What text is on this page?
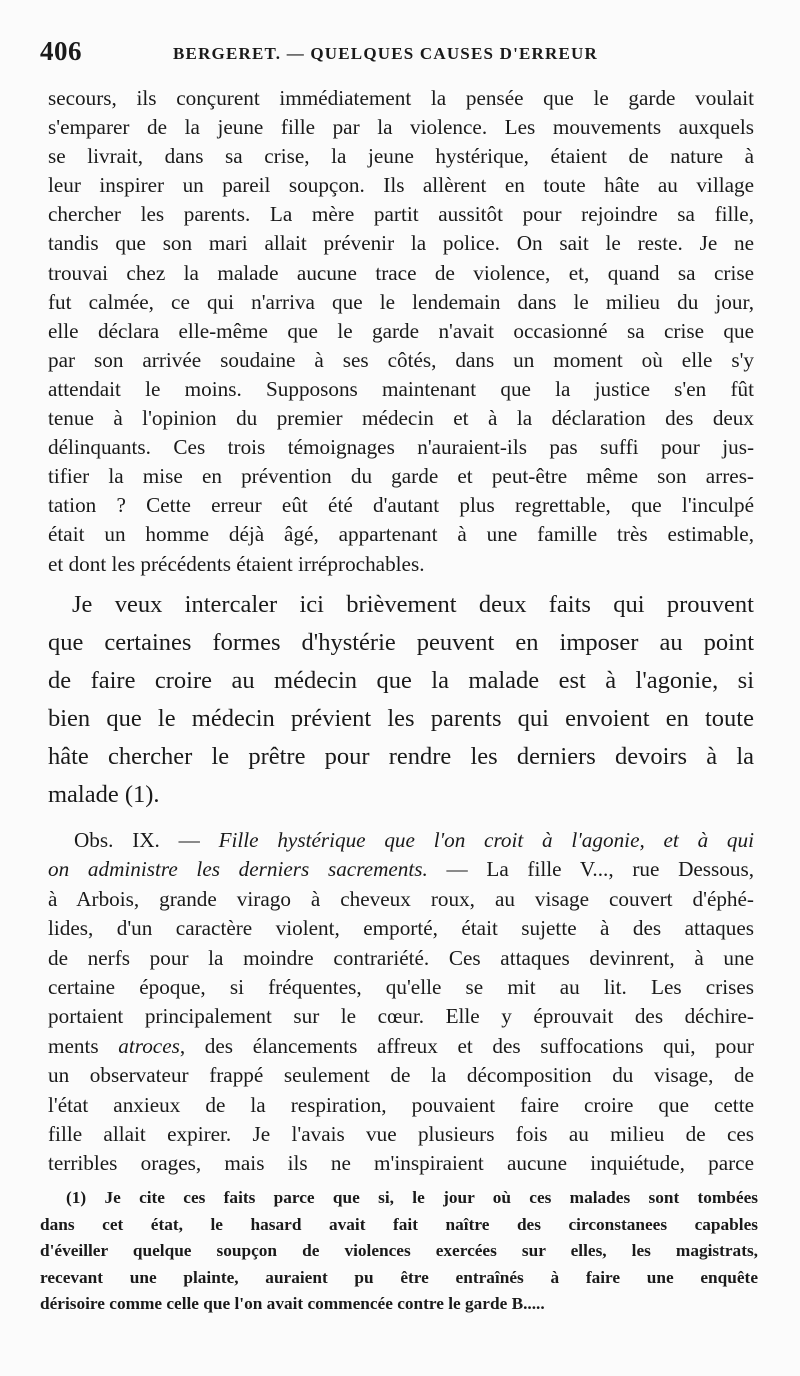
406	BERGERET. — QUELQUES CAUSES D'ERREUR
secours, ils conçurent immédiatement la pensée que le garde voulait
s'emparer de la jeune fille par la violence. Les mouvements auxquels
se livrait, dans sa crise, la jeune hystérique, étaient de nature à
leur inspirer un pareil soupçon. Ils allèrent en toute hâte au village
chercher les parents. La mère partit aussitôt pour rejoindre sa fille,
tandis que son mari allait prévenir la police. On sait le reste. Je ne
trouvai chez la malade aucune trace de violence, et, quand sa crise
fut calmée, ce qui n'arriva que le lendemain dans le milieu du jour,
elle déclara elle-même que le garde n'avait occasionné sa crise que
par son arrivée soudaine à ses côtés, dans un moment où elle s'y
attendait le moins. Supposons maintenant que la justice s'en fût
tenue à l'opinion du premier médecin et à la déclaration des deux
délinquants. Ces trois témoignages n'auraient-ils pas suffi pour jus-
tifier la mise en prévention du garde et peut-être même son arres-
tation ? Cette erreur eût été d'autant plus regrettable, que l'inculpé
était un homme déjà âgé, appartenant à une famille très estimable,
et dont les précédents étaient irréprochables.
Je veux intercaler ici brièvement deux faits qui prouvent
que certaines formes d'hystérie peuvent en imposer au point
de faire croire au médecin que la malade est à l'agonie, si
bien que le médecin prévient les parents qui envoient en toute
hâte chercher le prêtre pour rendre les derniers devoirs à la
malade (1).
Obs. IX. — Fille hystérique que l'on croit à l'agonie, et à qui
on administre les derniers sacrements. — La fille V..., rue Dessous,
à Arbois, grande virago à cheveux roux, au visage couvert d'éphé-
lides, d'un caractère violent, emporté, était sujette à des attaques
de nerfs pour la moindre contrariété. Ces attaques devinrent, à une
certaine époque, si fréquentes, qu'elle se mit au lit. Les crises
portaient principalement sur le cœur. Elle y éprouvait des déchire-
ments atroces, des élancements affreux et des suffocations qui, pour
un observateur frappé seulement de la décomposition du visage, de
l'état anxieux de la respiration, pouvaient faire croire que cette
fille allait expirer. Je l'avais vue plusieurs fois au milieu de ces
terribles orages, mais ils ne m'inspiraient aucune inquiétude, parce
(1) Je cite ces faits parce que si, le jour où ces malades sont tombées
dans cet état, le hasard avait fait naître des circonstanees capables
d'éveiller quelque soupçon de violences exercées sur elles, les magistrats,
recevant une plainte, auraient pu être entraînés à faire une enquête
dérisoire comme celle que l'on avait commencée contre le garde B.....
